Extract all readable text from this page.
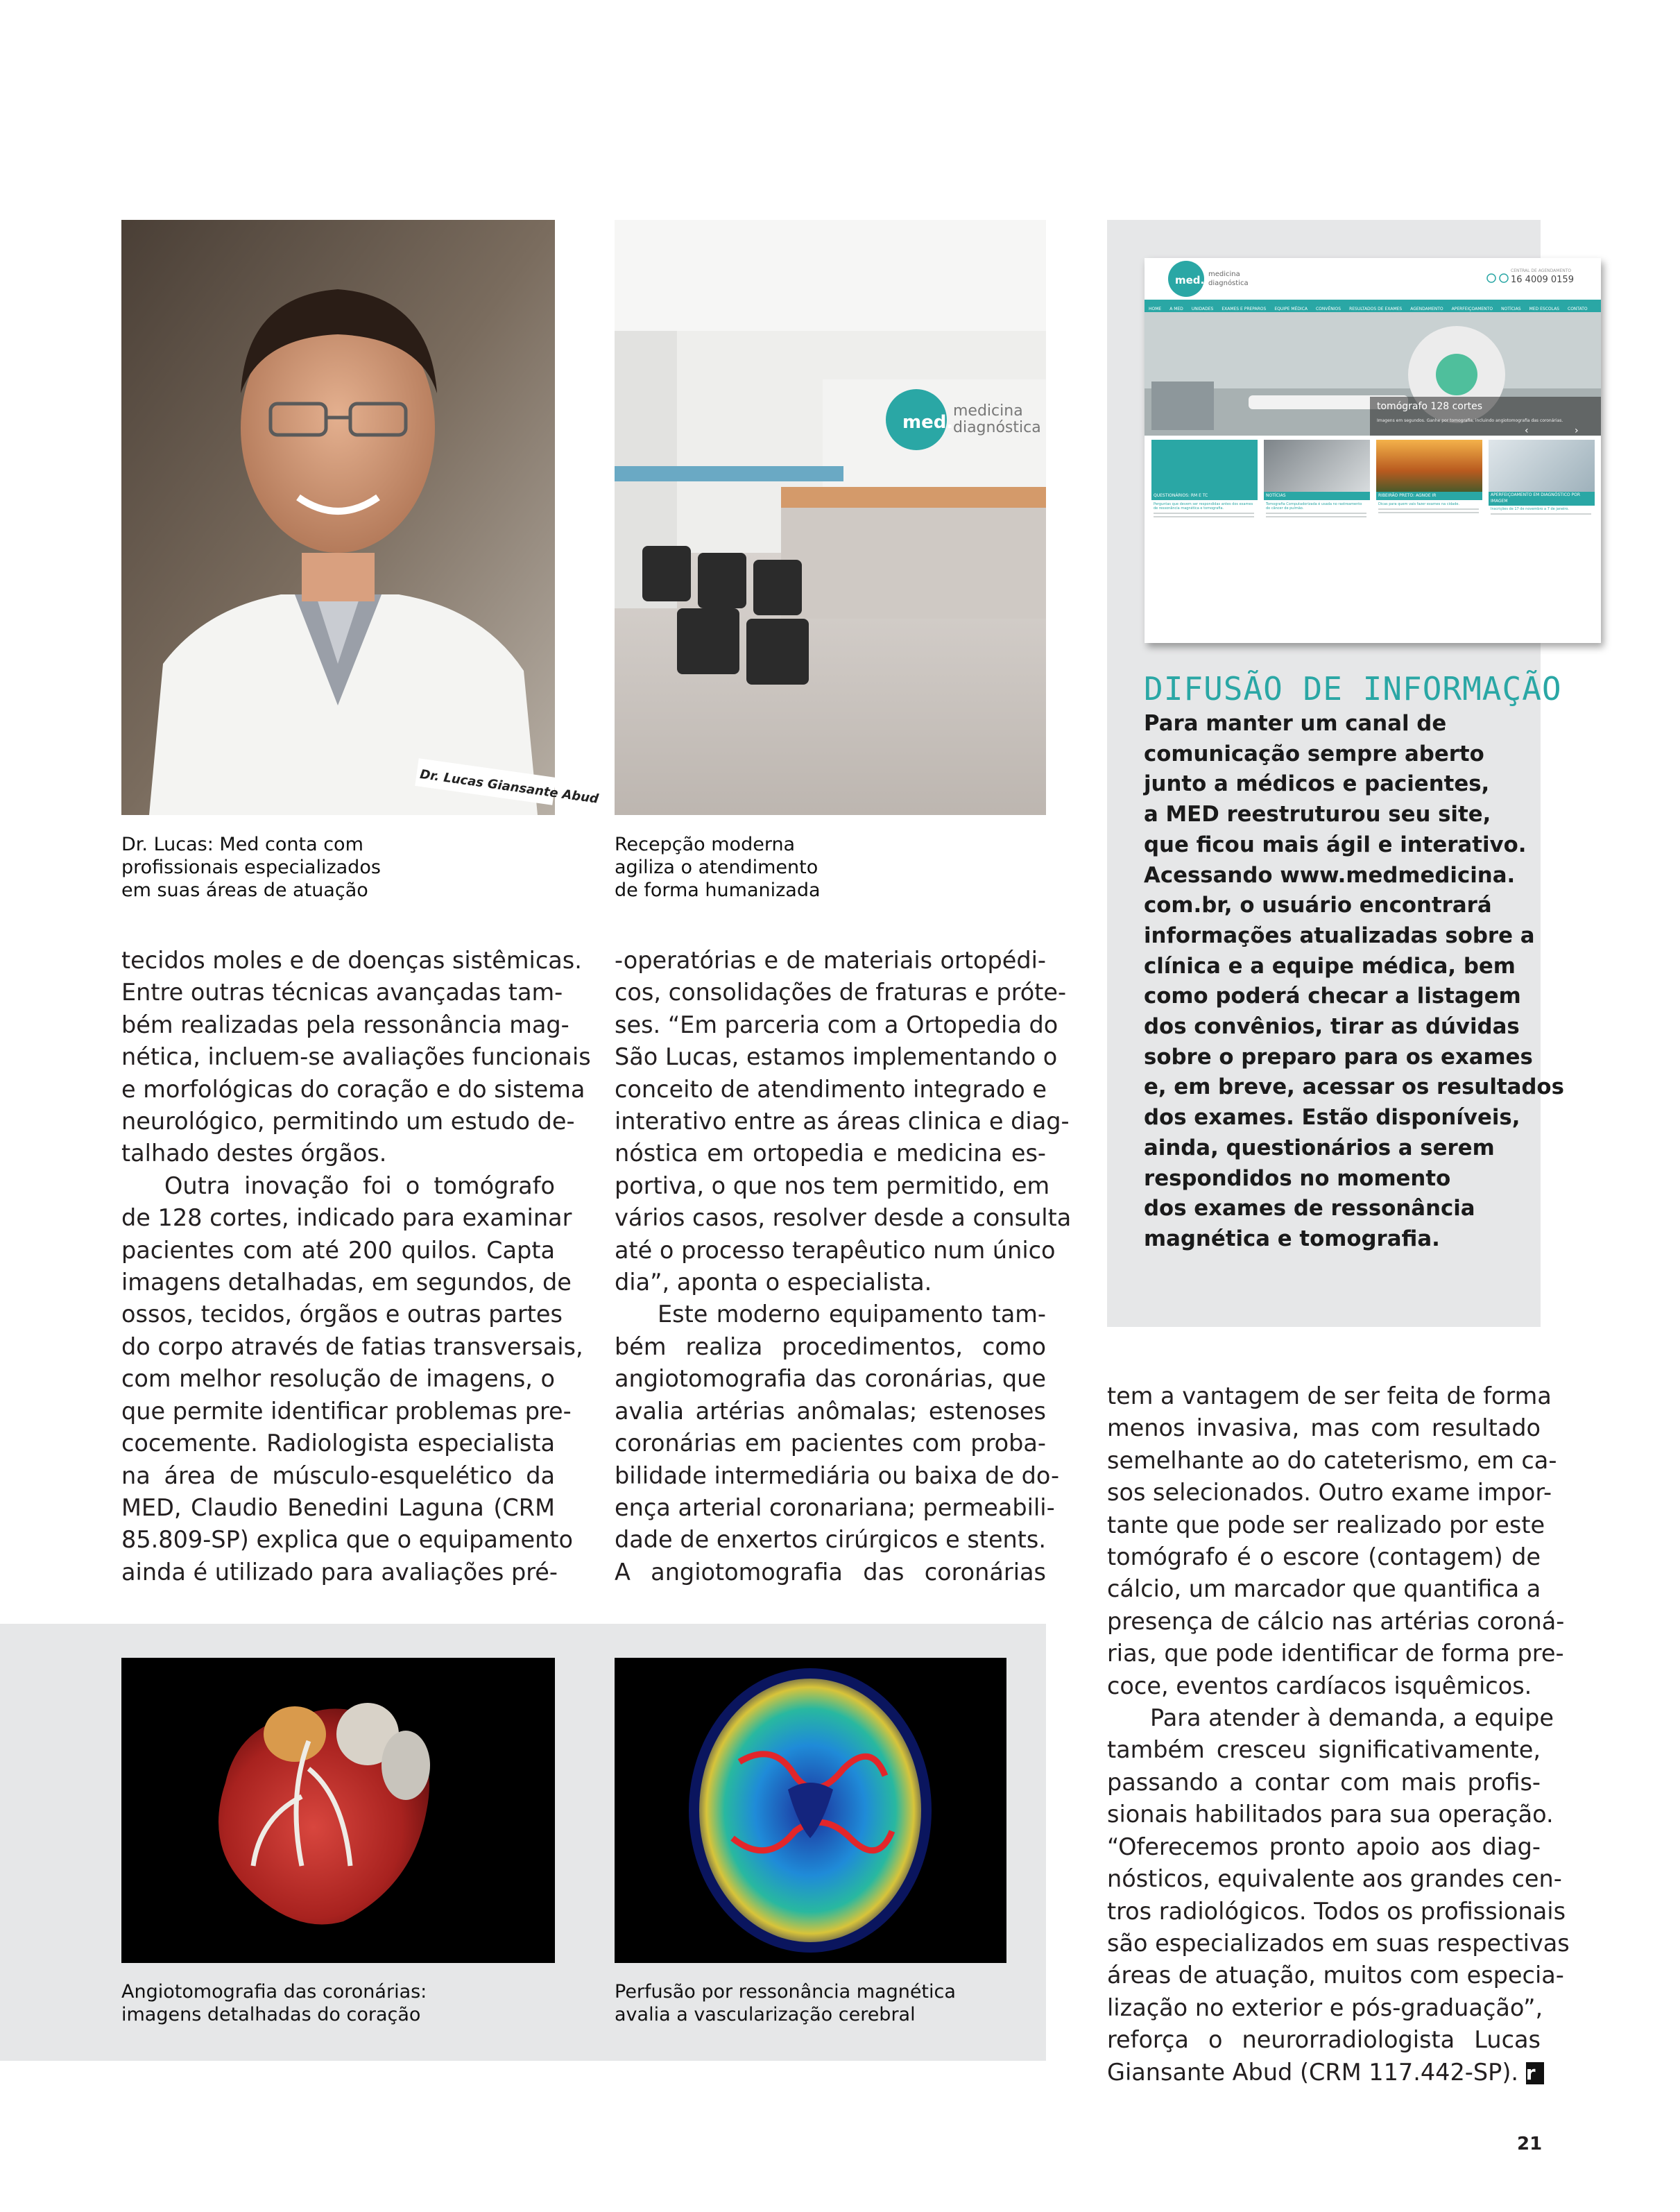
Dr. Lucas Giansante Abud
med.
medicina
diagnóstica
Dr. Lucas: Med conta com
profissionais especializados
em suas áreas de atuação
Recepção moderna
agiliza o atendimento
de forma humanizada
med. medicina
diagnóstica
CENTRAL DE AGENDAMENTO
16 4009 0159
HOME A MED UNIDADES EXAMES E PREPAROS EQUIPE MÉDICA CONVÊNIOS RESULTADOS DE EXAMES AGENDAMENTO APERFEIÇOAMENTO NOTÍCIAS MED ESCOLAS CONTATO
tomógrafo 128 cortes
Imagens em segundos. Ganhe por tomografia, incluindo angiotomografia das coronárias.
‹	›
QUESTIONÁRIOS: RM E TC
Perguntas que devem ser respondidas antes dos exames de ressonância magnética e tomografia.
NOTÍCIAS
Tomografia Computadorizada é usada no rastreamento do câncer de pulmão.
RIBEIRÃO PRETO: AGNOE IR
Dicas para quem vais fazer exames na cidade.
APERFEIÇOAMENTO EM DIAGNÓSTICO POR IMAGEM
Inscrições de 17 de novembro a 7 de janeiro.
DIFUSÃO DE INFORMAÇÃO
Para manter um canal de
comunicação sempre aberto
junto a médicos e pacientes,
a MED reestruturou seu site,
que ficou mais ágil e interativo.
Acessando www.medmedicina.
com.br, o usuário encontrará
informações atualizadas sobre a
clínica e a equipe médica, bem
como poderá checar a listagem
dos convênios, tirar as dúvidas
sobre o preparo para os exames
e, em breve, acessar os resultados
dos exames. Estão disponíveis,
ainda, questionários a serem
respondidos no momento
dos exames de ressonância
magnética e tomografia.
tecidos moles e de doenças sistêmicas.
Entre outras técnicas avançadas tam-
bém realizadas pela ressonância mag-
nética, incluem-se avaliações funcionais
e morfológicas do coração e do sistema
neurológico, permitindo um estudo de-
talhado destes órgãos.
Outra inovação foi o tomógrafo
de 128 cortes, indicado para examinar
pacientes com até 200 quilos. Capta
imagens detalhadas, em segundos, de
ossos, tecidos, órgãos e outras partes
do corpo através de fatias transversais,
com melhor resolução de imagens, o
que permite identificar problemas pre-
cocemente. Radiologista especialista
na área de músculo-esquelético da
MED, Claudio Benedini Laguna (CRM
85.809-SP) explica que o equipamento
ainda é utilizado para avaliações pré-
-operatórias e de materiais ortopédi-
cos, consolidações de fraturas e próte-
ses. “Em parceria com a Ortopedia do
São Lucas, estamos implementando o
conceito de atendimento integrado e
interativo entre as áreas clinica e diag-
nóstica em ortopedia e medicina es-
portiva, o que nos tem permitido, em
vários casos, resolver desde a consulta
até o processo terapêutico num único
dia”, aponta o especialista.
Este moderno equipamento tam-
bém realiza procedimentos, como
angiotomografia das coronárias, que
avalia artérias anômalas; estenoses
coronárias em pacientes com proba-
bilidade intermediária ou baixa de do-
ença arterial coronariana; permeabili-
dade de enxertos cirúrgicos e stents.
A angiotomografia das coronárias
tem a vantagem de ser feita de forma
menos invasiva, mas com resultado
semelhante ao do cateterismo, em ca-
sos selecionados. Outro exame impor-
tante que pode ser realizado por este
tomógrafo é o escore (contagem) de
cálcio, um marcador que quantifica a
presença de cálcio nas artérias coroná-
rias, que pode identificar de forma pre-
coce, eventos cardíacos isquêmicos.
Para atender à demanda, a equipe
também cresceu significativamente,
passando a contar com mais profis-
sionais habilitados para sua operação.
“Oferecemos pronto apoio aos diag-
nósticos, equivalente aos grandes cen-
tros radiológicos. Todos os profissionais
são especializados em suas respectivas
áreas de atuação, muitos com especia-
lização no exterior e pós-graduação”,
reforça o neurorradiologista Lucas
Giansante Abud (CRM 117.442-SP). r
Angiotomografia das coronárias:
imagens detalhadas do coração
Perfusão por ressonância magnética
avalia a vascularização cerebral
21
